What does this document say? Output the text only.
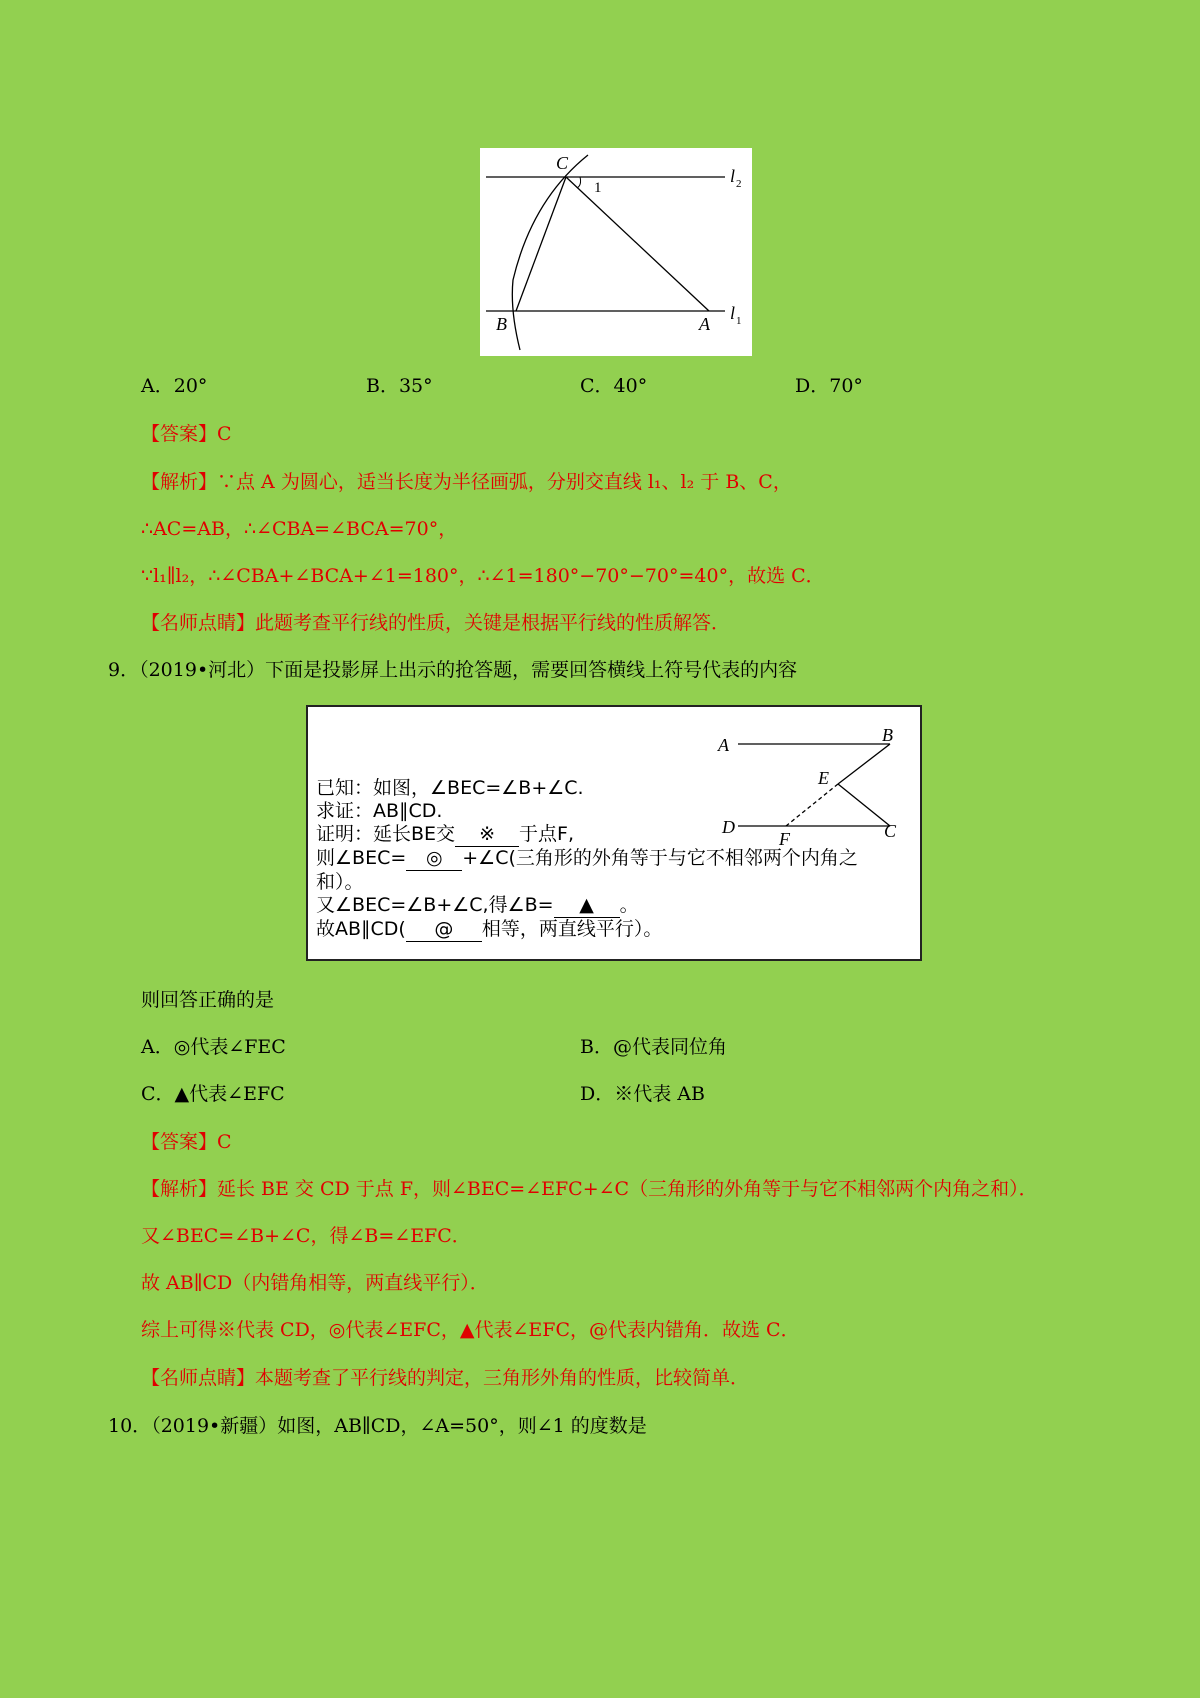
C
1
l 2
B	A
l 1
A．20°	B．35°	C．40°	D．70°
【答案】C
【解析】∵点 A 为圆心，适当长度为半径画弧，分别交直线 l₁、l₂ 于 B、C，
∴AC=AB，∴∠CBA=∠BCA=70°，
∵l₁∥l₂，∴∠CBA+∠BCA+∠1=180°，∴∠1=180°−70°−70°=40°，故选 C．
【名师点睛】此题考查平行线的性质，关键是根据平行线的性质解答．
9．（2019•河北）下面是投影屏上出示的抢答题，需要回答横线上符号代表的内容
A	B
E
D
F	C
已知：如图，∠BEC=∠B+∠C.
求证：AB∥CD.
证明：延长BE交 ※ 于点F,
则∠BEC= ◎ +∠C(三角形的外角等于与它不相邻两个内角之
和）。
又∠BEC=∠B+∠C,得∠B= ▲ 。
故AB∥CD( @ 相等，两直线平行）。
则回答正确的是
A．◎代表∠FEC	B．@代表同位角
C．▲代表∠EFC	D．※代表 AB
【答案】C
【解析】延长 BE 交 CD 于点 F，则∠BEC=∠EFC+∠C（三角形的外角等于与它不相邻两个内角之和）．
又∠BEC=∠B+∠C，得∠B=∠EFC．
故 AB∥CD（内错角相等，两直线平行）．
综上可得※代表 CD，◎代表∠EFC，▲代表∠EFC，@代表内错角．故选 C．
【名师点睛】本题考查了平行线的判定，三角形外角的性质，比较简单．
10．（2019•新疆）如图，AB∥CD，∠A=50°，则∠1 的度数是
